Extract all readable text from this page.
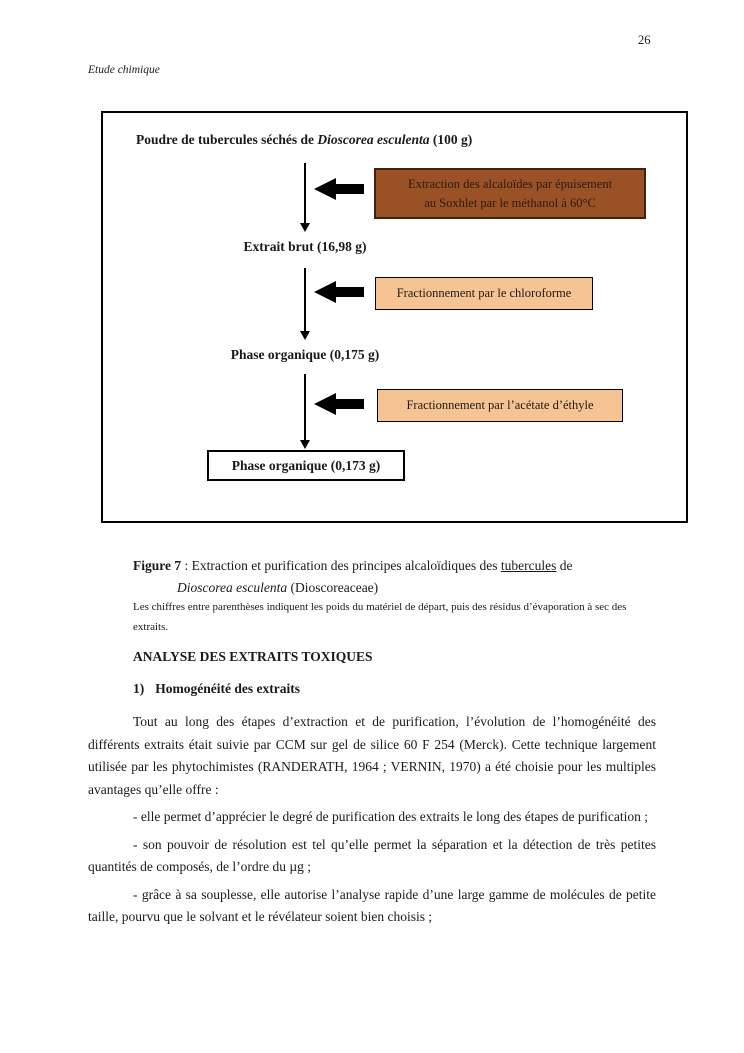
26
Etude chimique
Poudre de tubercules séchés de Dioscorea esculenta (100 g)
Extraction des alcaloïdes par épuisement
au Soxhlet par le méthanol à 60°C
Extrait brut (16,98 g)
Fractionnement par le chloroforme
Phase organique (0,175 g)
Fractionnement par l’acétate d’éthyle
Phase organique (0,173 g)
Figure 7 : Extraction et purification des principes alcaloïdiques des tubercules de
Dioscorea esculenta (Dioscoreaceae)
Les chiffres entre parenthèses indiquent les poids du matériel de départ, puis des résidus d’évaporation à sec des extraits.
ANALYSE DES EXTRAITS TOXIQUES
1) Homogénéité des extraits

Tout au long des étapes d’extraction et de purification, l’évolution de l’homogénéité des différents extraits était suivie par CCM sur gel de silice 60 F 254 (Merck). Cette technique largement utilisée par les phytochimistes (RANDERATH, 1964 ; VERNIN, 1970) a été choisie pour les multiples avantages qu’elle offre :

- elle permet d’apprécier le degré de purification des extraits le long des étapes de purification ;

- son pouvoir de résolution est tel qu’elle permet la séparation et la détection de très petites quantités de composés, de l’ordre du µg ;

- grâce à sa souplesse, elle autorise l’analyse rapide d’une large gamme de molécules de petite taille, pourvu que le solvant et le révélateur soient bien choisis ;
